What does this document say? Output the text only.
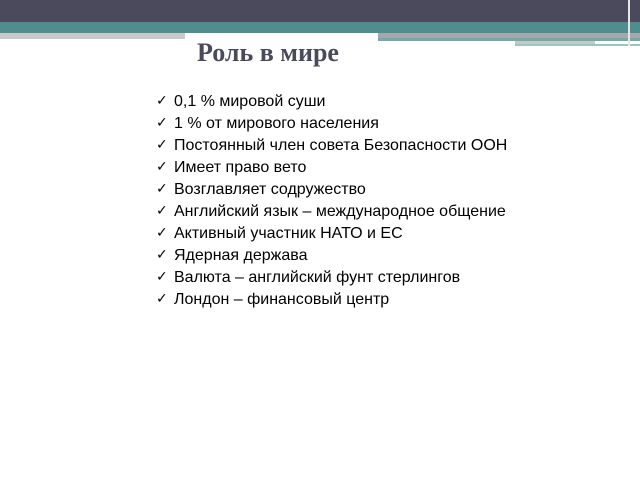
Роль в мире
✓ 0,1 % мировой суши
✓ 1 % от мирового населения
✓ Постоянный член совета Безопасности ООН
✓ Имеет право вето
✓ Возглавляет содружество
✓ Английский язык – международное общение
✓ Активный участник НАТО и ЕС
✓ Ядерная держава
✓ Валюта – английский фунт стерлингов
✓ Лондон – финансовый центр
